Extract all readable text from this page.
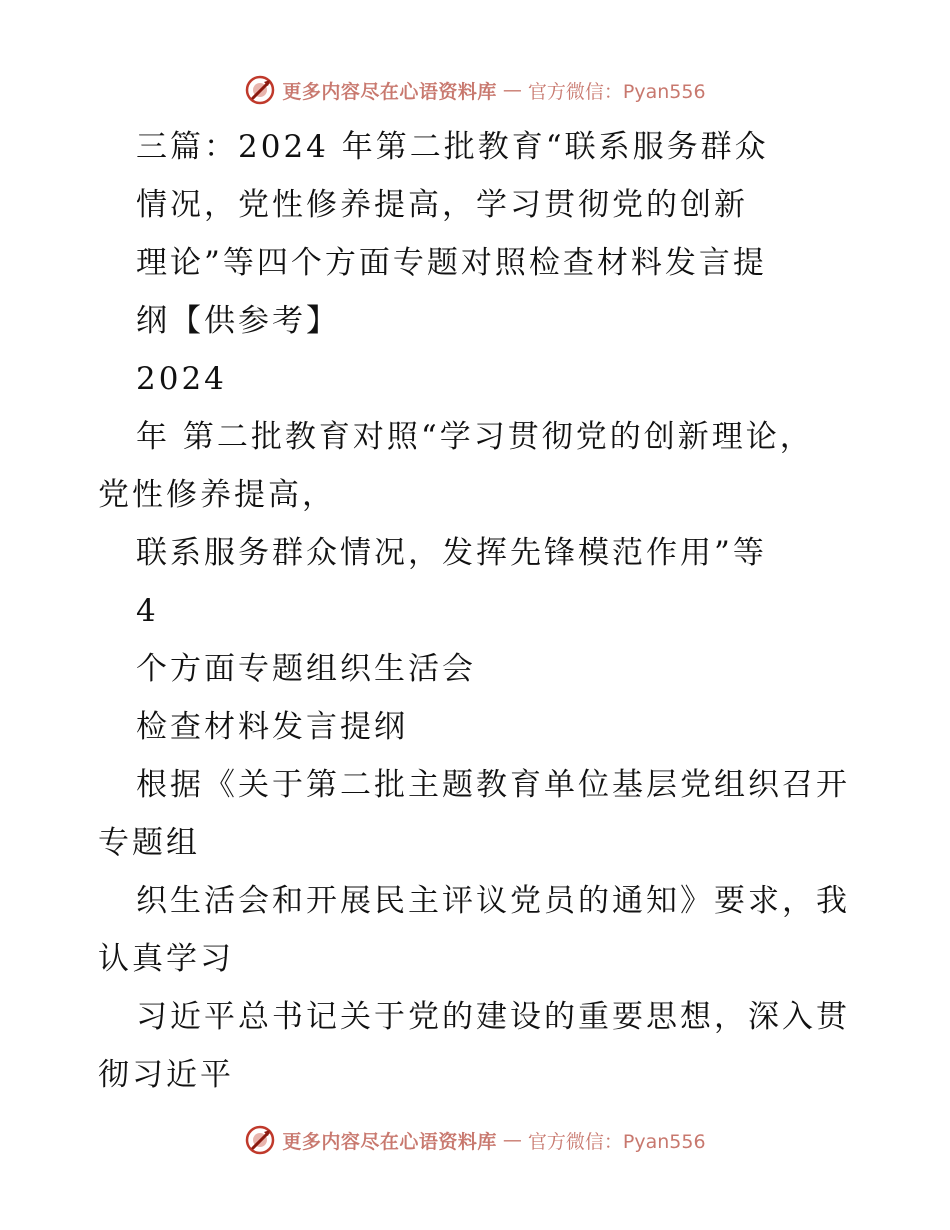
更多内容尽在心语资料库 — 官方微信：Pyan556
三篇：2024 年第二批教育“联系服务群众
情况，党性修养提高，学习贯彻党的创新
理论”等四个方面专题对照检查材料发言提
纲【供参考】
2024
年 第二批教育对照“学习贯彻党的创新理论，
党性修养提高，
联系服务群众情况，发挥先锋模范作用”等
4
个方面专题组织生活会
检查材料发言提纲
根据《关于第二批主题教育单位基层党组织召开
专题组
织生活会和开展民主评议党员的通知》要求，我
认真学习
习近平总书记关于党的建设的重要思想，深入贯
彻习近平
更多内容尽在心语资料库 — 官方微信：Pyan556
